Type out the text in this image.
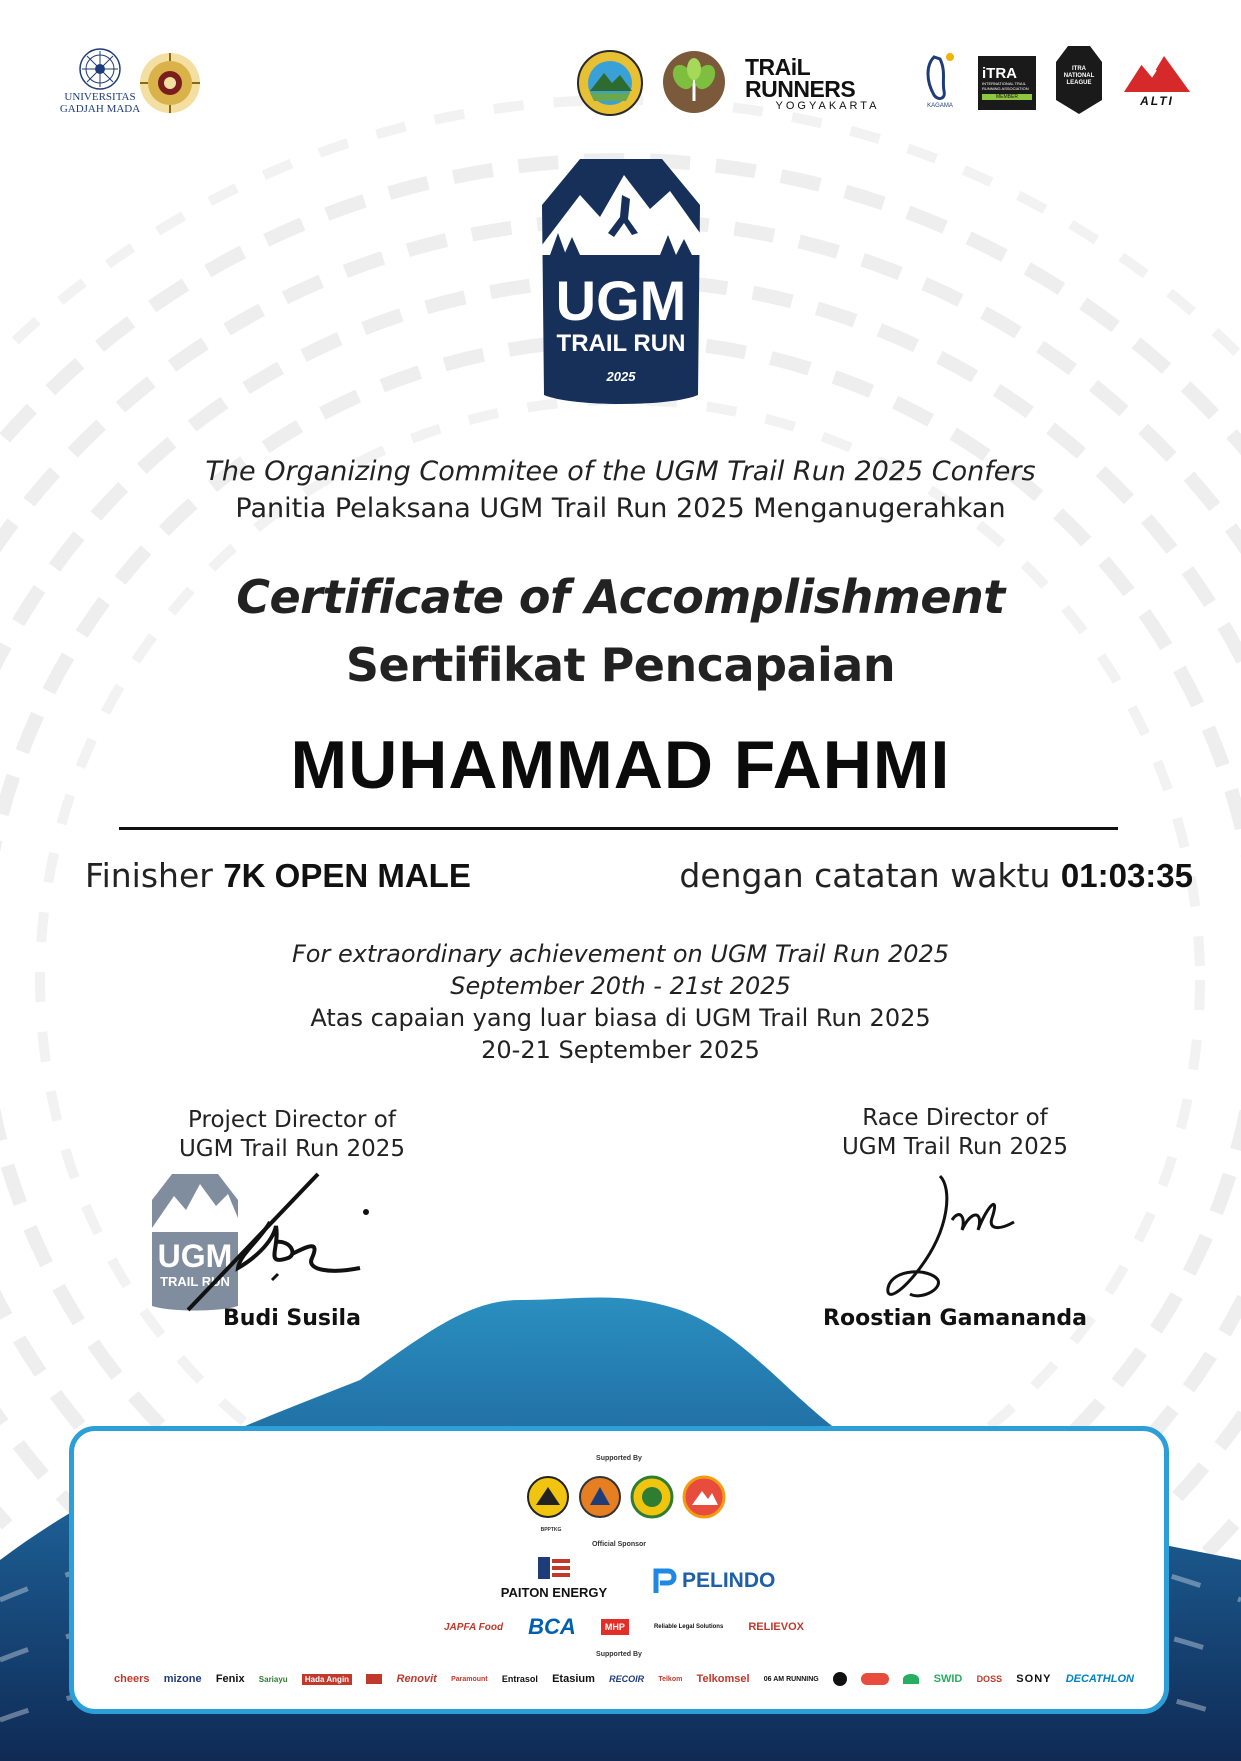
UNIVERSITAS
GADJAH MADA
TRAiL RUNNERS
YOGYAKARTA	KAGAMA
iTRA
INTERNATIONAL TRAIL RUNNING ASSOCIATION
MEMBER
ITRA NATIONAL LEAGUE
ALTI
UGM
TRAIL RUN
2025
The Organizing Commitee of the UGM Trail Run 2025 Confers
Panitia Pelaksana UGM Trail Run 2025 Menganugerahkan
Certificate of Accomplishment
Sertifikat Pencapaian
MUHAMMAD FAHMI
Finisher 7K OPEN MALE	dengan catatan waktu 01:03:35
For extraordinary achievement on UGM Trail Run 2025
September 20th - 21st 2025
Atas capaian yang luar biasa di UGM Trail Run 2025
20-21 September 2025
Project Director of
UGM Trail Run 2025
UGM
TRAIL RUN
Budi Susila
Race Director of
UGM Trail Run 2025
Roostian Gamananda
Supported By
BPPTKG
Official Sponsor
PAITON ENERGY
PELINDO
JAPFA Food BCA	MHP	Reliable Legal Solutions RELIEVOX
Supported By
cheers mizone Fenix Sariayu	Hada Angin	Renovit Paramount Entrasol Etasium RECOIR Telkom Telkomsel 06 AM RUNNING	SWID DOSS SONY DECATHLON
